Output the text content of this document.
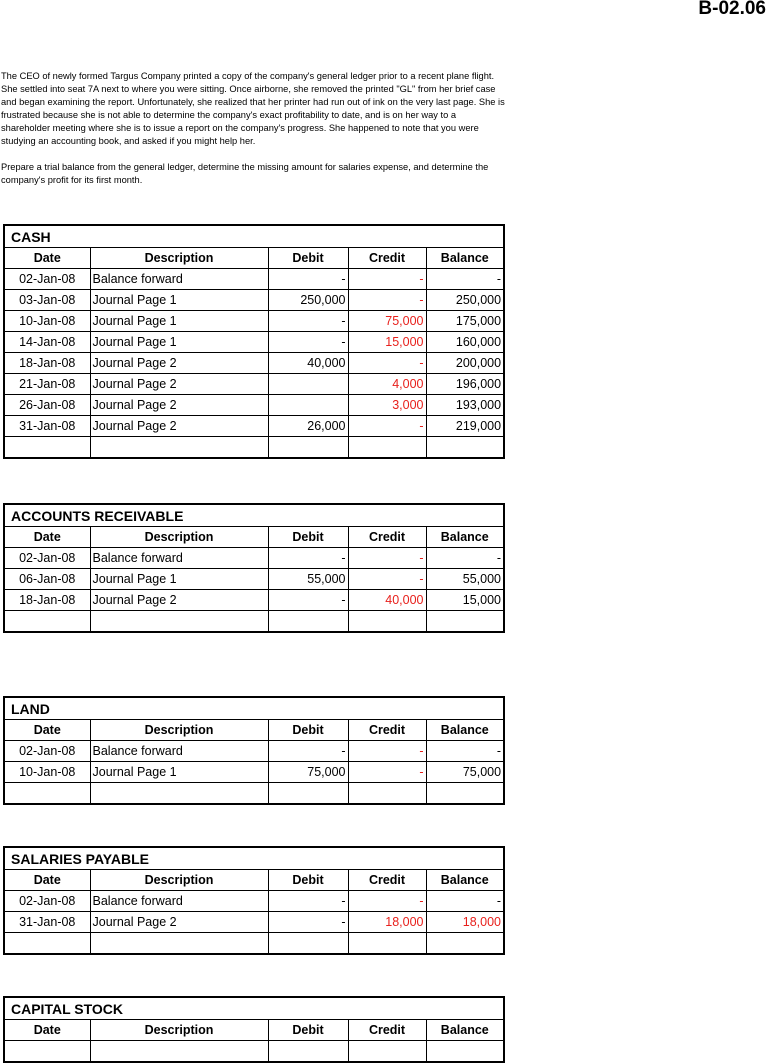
B-02.06

The CEO of newly formed Targus Company printed a copy of the company's general ledger prior to a recent plane flight. She settled into seat 7A next to where you were sitting. Once airborne, she removed the printed "GL" from her brief case and began examining the report. Unfortunately, she realized that her printer had run out of ink on the very last page. She is frustrated because she is not able to determine the company's exact profitability to date, and is on her way to a shareholder meeting where she is to issue a report on the company's progress. She happened to note that you were studying an accounting book, and asked if you might help her.

Prepare a trial balance from the general ledger, determine the missing amount for salaries expense, and determine the company's profit for its first month.

CASH				
Date	Description	Debit	Credit	Balance
02-Jan-08	Balance forward	-	-	-
03-Jan-08	Journal Page 1	250,000	-	250,000
10-Jan-08	Journal Page 1	-	75,000	175,000
14-Jan-08	Journal Page 1	-	15,000	160,000
18-Jan-08	Journal Page 2	40,000	-	200,000
21-Jan-08	Journal Page 2		4,000	196,000
26-Jan-08	Journal Page 2		3,000	193,000
31-Jan-08	Journal Page 2	26,000	-	219,000

ACCOUNTS RECEIVABLE				
Date	Description	Debit	Credit	Balance
02-Jan-08	Balance forward	-	-	-
06-Jan-08	Journal Page 1	55,000	-	55,000
18-Jan-08	Journal Page 2	-	40,000	15,000

LAND				
Date	Description	Debit	Credit	Balance
02-Jan-08	Balance forward	-	-	-
10-Jan-08	Journal Page 1	75,000	-	75,000

SALARIES PAYABLE				
Date	Description	Debit	Credit	Balance
02-Jan-08	Balance forward	-	-	-
31-Jan-08	Journal Page 2	-	18,000	18,000

CAPITAL STOCK				
Date	Description	Debit	Credit	Balance
